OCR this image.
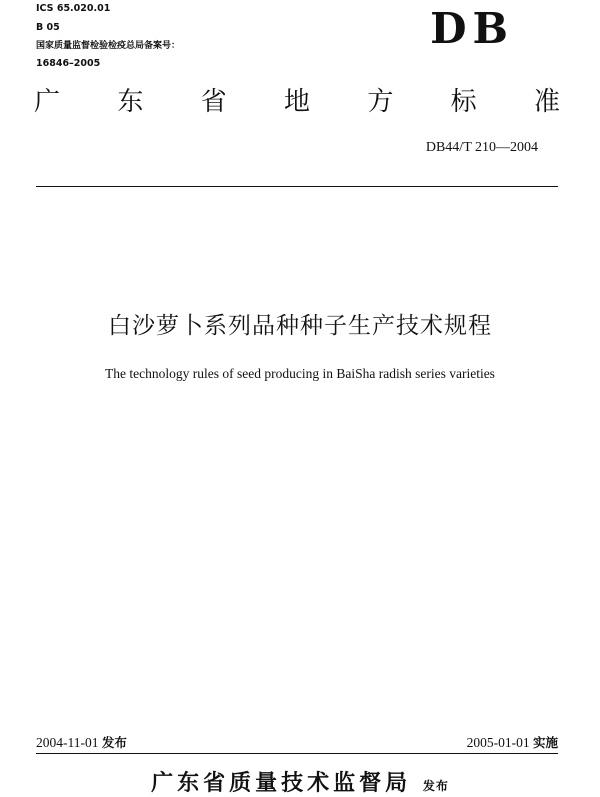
ICS 65.020.01
B 05
国家质量监督检验检疫总局备案号：
16846–2005
DB
广 东 省 地 方 标 准
DB44/T 210—2004
白沙萝卜系列品种种子生产技术规程
The technology rules of seed producing in BaiSha radish series varieties
2004-11-01 发布	2005-01-01 实施
广东省质量技术监督局 发布
